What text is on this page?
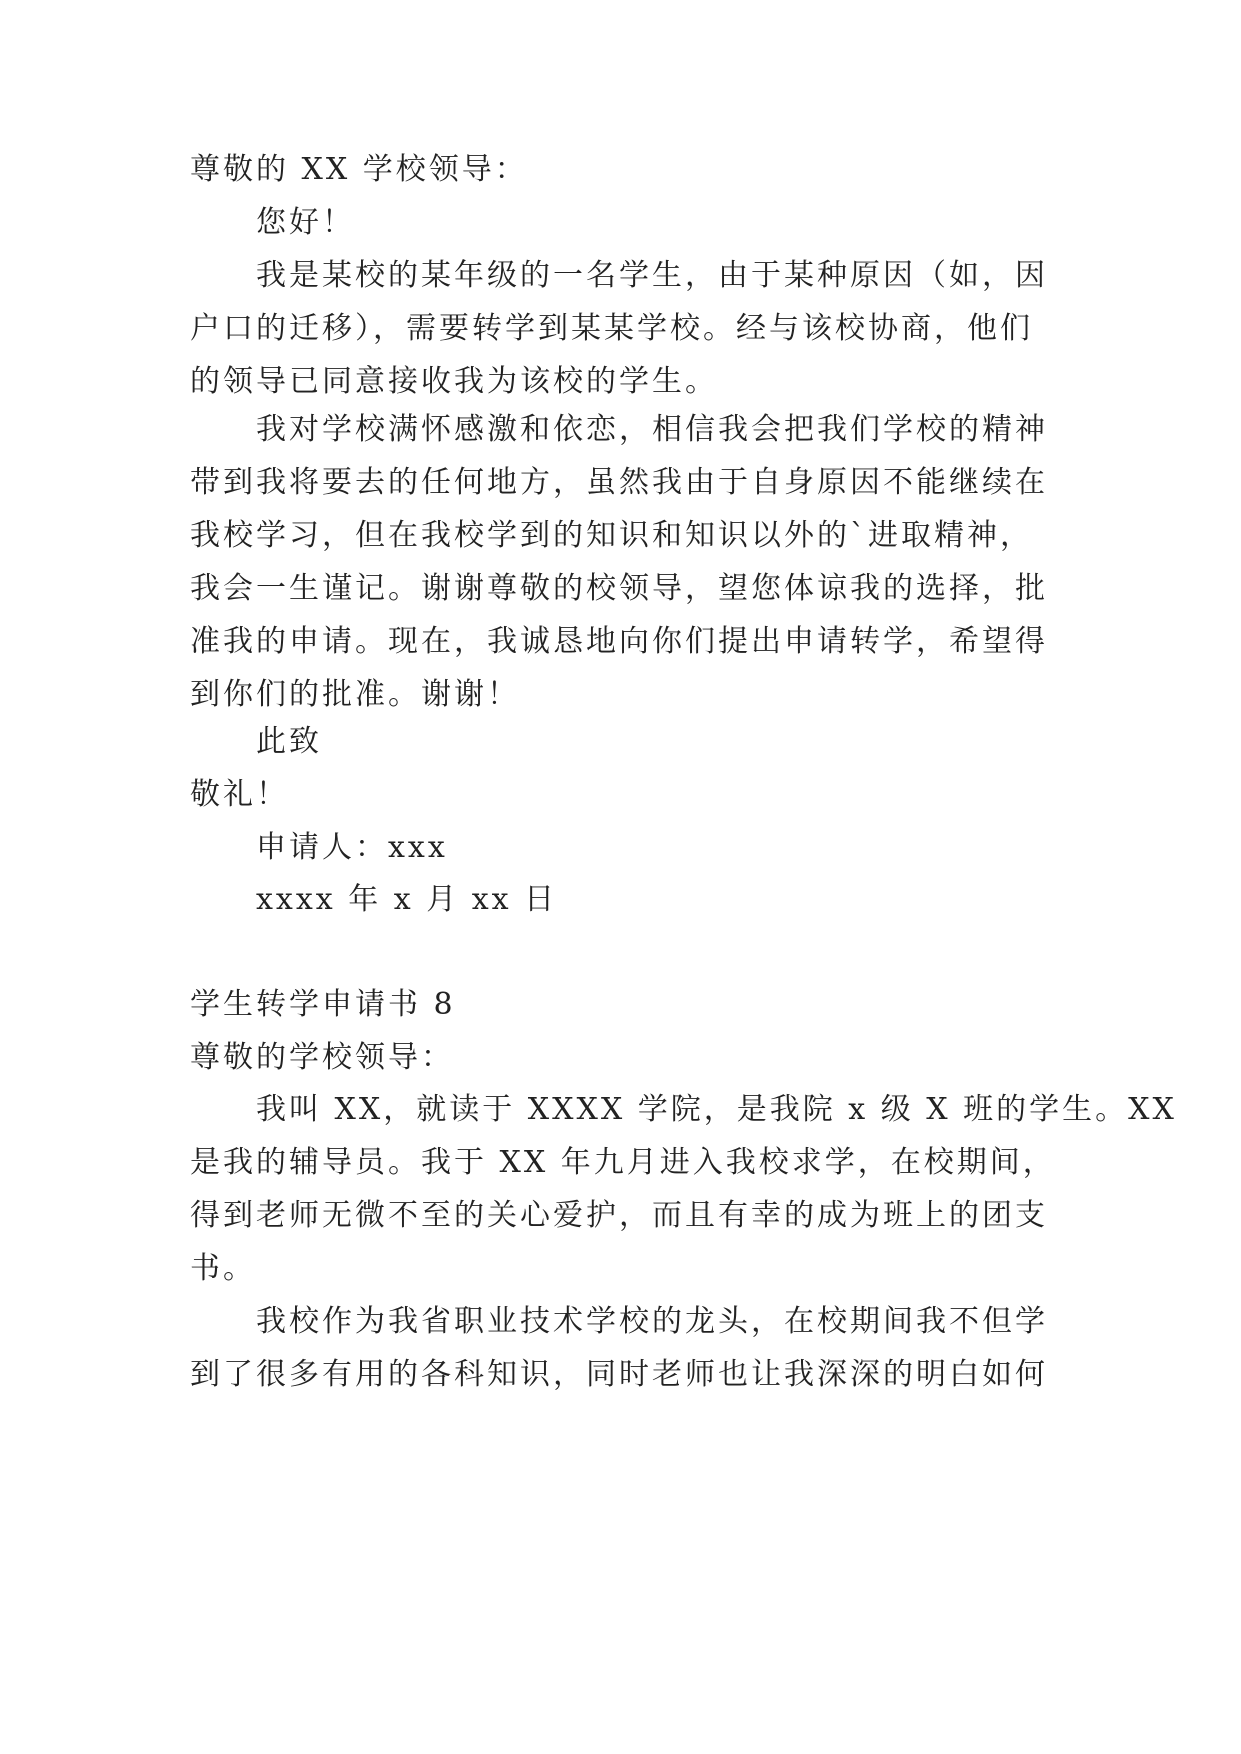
尊敬的 XX 学校领导：
您好！
我是某校的某年级的一名学生，由于某种原因（如，因
户口的迁移），需要转学到某某学校。经与该校协商，他们
的领导已同意接收我为该校的学生。
我对学校满怀感激和依恋，相信我会把我们学校的精神
带到我将要去的任何地方，虽然我由于自身原因不能继续在
我校学习，但在我校学到的知识和知识以外的`进取精神，
我会一生谨记。谢谢尊敬的校领导，望您体谅我的选择，批
准我的申请。现在，我诚恳地向你们提出申请转学，希望得
到你们的批准。谢谢！
此致
敬礼！
申请人：xxx
xxxx 年 x 月 xx 日
学生转学申请书 8
尊敬的学校领导：
我叫 XX，就读于 XXXX 学院，是我院 x 级 X 班的学生。XX
是我的辅导员。我于 XX 年九月进入我校求学，在校期间，
得到老师无微不至的关心爱护，而且有幸的成为班上的团支
书。
我校作为我省职业技术学校的龙头，在校期间我不但学
到了很多有用的各科知识，同时老师也让我深深的明白如何
